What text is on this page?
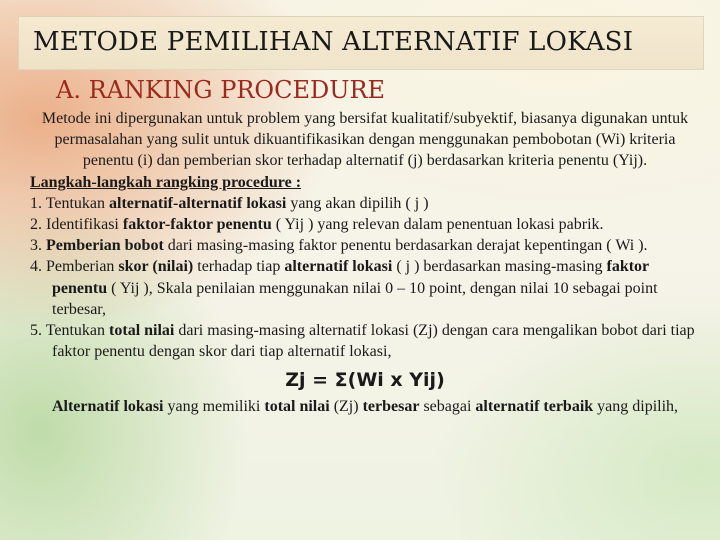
METODE PEMILIHAN ALTERNATIF LOKASI
A. RANKING PROCEDURE

Metode ini dipergunakan untuk problem yang bersifat kualitatif/subyektif, biasanya digunakan untuk permasalahan yang sulit untuk dikuantifikasikan dengan menggunakan pembobotan (Wi) kriteria penentu (i) dan pemberian skor terhadap alternatif (j) berdasarkan kriteria penentu (Yij).

Langkah-langkah rangking procedure :

1. Tentukan alternatif-alternatif lokasi yang akan dipilih ( j )
2. Identifikasi faktor-faktor penentu ( Yij ) yang relevan dalam penentuan lokasi pabrik.
3. Pemberian bobot dari masing-masing faktor penentu berdasarkan derajat kepentingan ( Wi ).
4. Pemberian skor (nilai) terhadap tiap alternatif lokasi ( j ) berdasarkan masing-masing faktor penentu ( Yij ), Skala penilaian menggunakan nilai 0 – 10 point, dengan nilai 10 sebagai point terbesar,
5. Tentukan total nilai dari masing-masing alternatif lokasi (Zj) dengan cara mengalikan bobot dari tiap faktor penentu dengan skor dari tiap alternatif lokasi,

Zj = Σ(Wi x Yij)

Alternatif lokasi yang memiliki total nilai (Zj) terbesar sebagai alternatif terbaik yang dipilih,
